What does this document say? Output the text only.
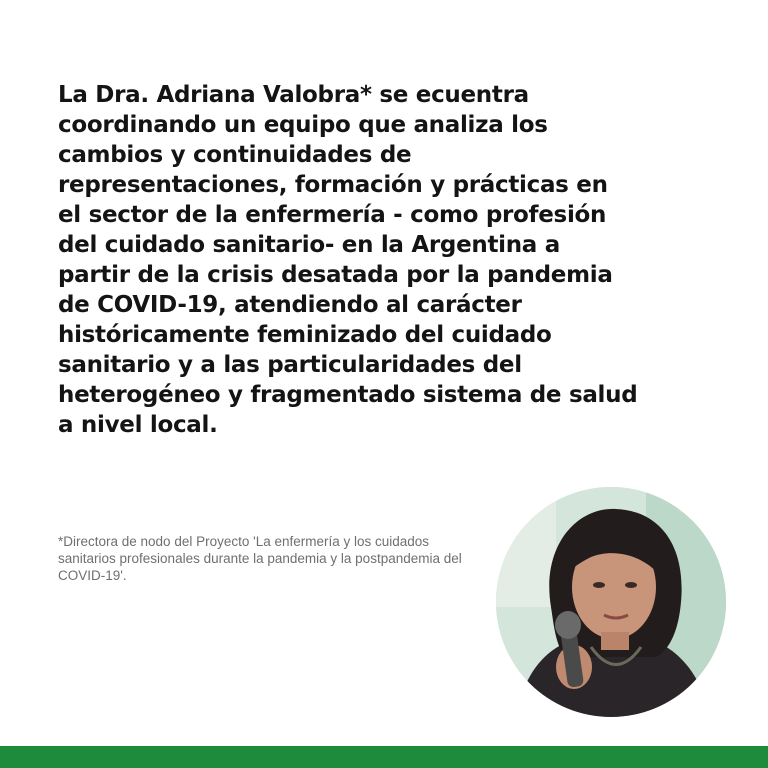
La Dra. Adriana Valobra* se ecuentra coordinando un equipo que analiza los cambios y continuidades de representaciones, formación y prácticas en el sector de la enfermería - como profesión del cuidado sanitario- en la Argentina a partir de la crisis desatada por la pandemia de COVID-19, atendiendo al carácter históricamente feminizado del cuidado sanitario y a las particularidades del heterogéneo y fragmentado sistema de salud a nivel local.

*Directora de nodo del Proyecto 'La enfermería y los cuidados sanitarios profesionales durante la pandemia y la postpandemia del COVID-19'.
